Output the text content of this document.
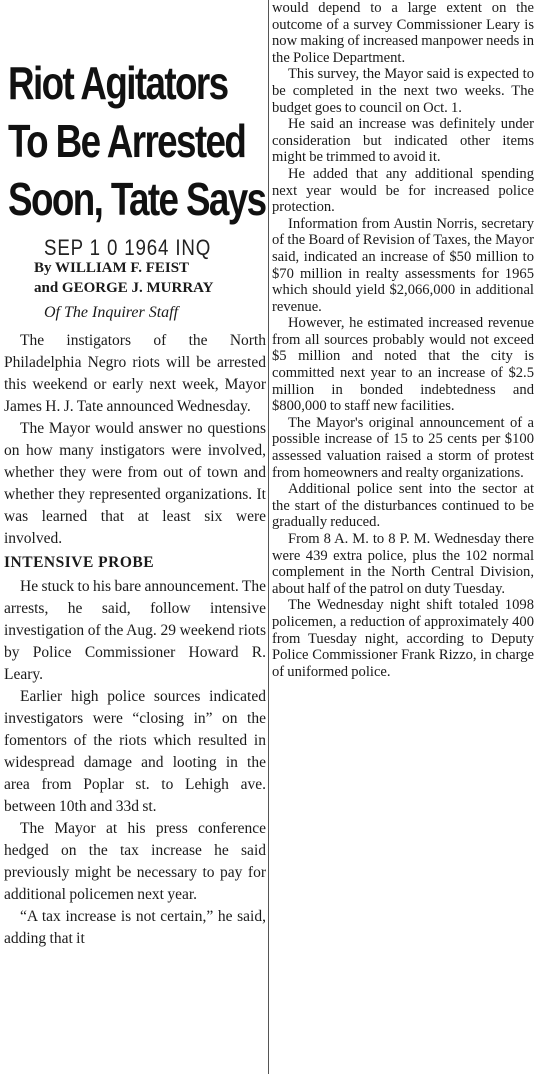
Riot Agitators
To Be Arrested
Soon, Tate Says
SEP 1 0 1964 INQ

By WILLIAM F. FEIST

and GEORGE J. MURRAY

Of The Inquirer Staff

The instigators of the North Philadelphia Negro riots will be arrested this weekend or early next week, Mayor James H. J. Tate announced Wednesday.

The Mayor would answer no questions on how many instigators were involved, whether they were from out of town and whether they represented organizations. It was learned that at least six were involved.

INTENSIVE PROBE

He stuck to his bare announcement. The arrests, he said, follow intensive investigation of the Aug. 29 weekend riots by Police Commissioner Howard R. Leary.

Earlier high police sources indicated investigators were “closing in” on the fomentors of the riots which resulted in widespread damage and looting in the area from Poplar st. to Lehigh ave. between 10th and 33d st.

The Mayor at his press conference hedged on the tax increase he said previously might be necessary to pay for additional policemen next year.

“A tax increase is not certain,” he said, adding that it

would depend to a large extent on the outcome of a survey Commissioner Leary is now making of increased manpower needs in the Police Department.

This survey, the Mayor said is expected to be completed in the next two weeks. The budget goes to council on Oct. 1.

He said an increase was definitely under consideration but indicated other items might be trimmed to avoid it.

He added that any additional spending next year would be for increased police protection.

Information from Austin Norris, secretary of the Board of Revision of Taxes, the Mayor said, indicated an increase of $50 million to $70 million in realty assessments for 1965 which should yield $2,066,000 in additional revenue.

However, he estimated increased revenue from all sources probably would not exceed $5 million and noted that the city is committed next year to an increase of $2.5 million in bonded indebtedness and $800,000 to staff new facilities.

The Mayor's original announcement of a possible increase of 15 to 25 cents per $100 assessed valuation raised a storm of protest from homeowners and realty organizations.

Additional police sent into the sector at the start of the disturbances continued to be gradually reduced.

From 8 A. M. to 8 P. M. Wednesday there were 439 extra police, plus the 102 normal complement in the North Central Division, about half of the patrol on duty Tuesday.

The Wednesday night shift totaled 1098 policemen, a reduction of approximately 400 from Tuesday night, according to Deputy Police Commissioner Frank Rizzo, in charge of uniformed police.
